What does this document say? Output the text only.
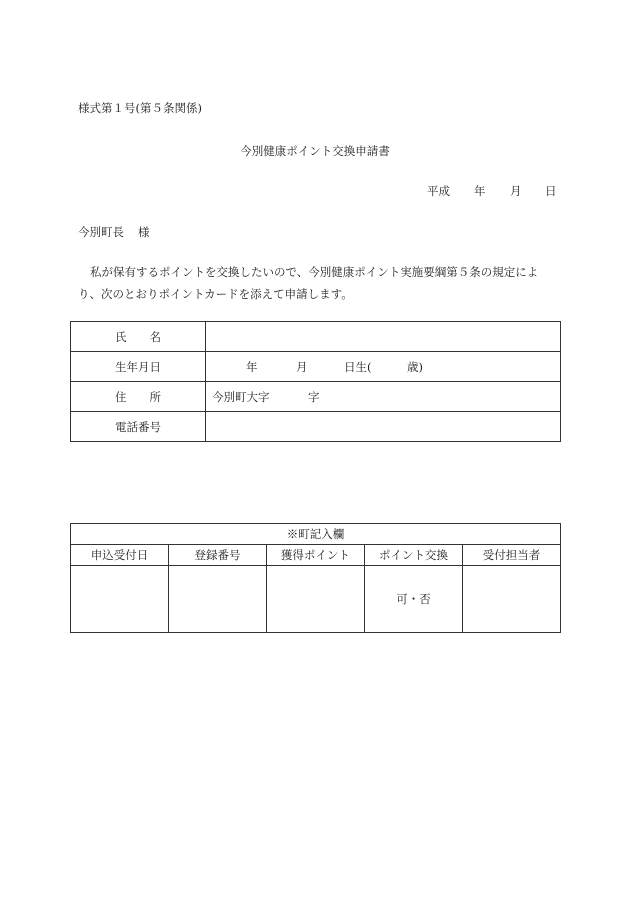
様式第１号(第５条関係)
今別健康ポイント交換申請書
平成 年 月 日
今別町長 様
私が保有するポイントを交換したいので、今別健康ポイント実施要綱第５条の規定によ
り、次のとおりポイントカードを添えて申請します。
氏　　名	
生年月日	年 月 日生( 歳)

住　　所	今別町大字 字

電話番号	
※町記入欄				
申込受付日	登録番号	獲得ポイント	ポイント交換	受付担当者
			可・否	
